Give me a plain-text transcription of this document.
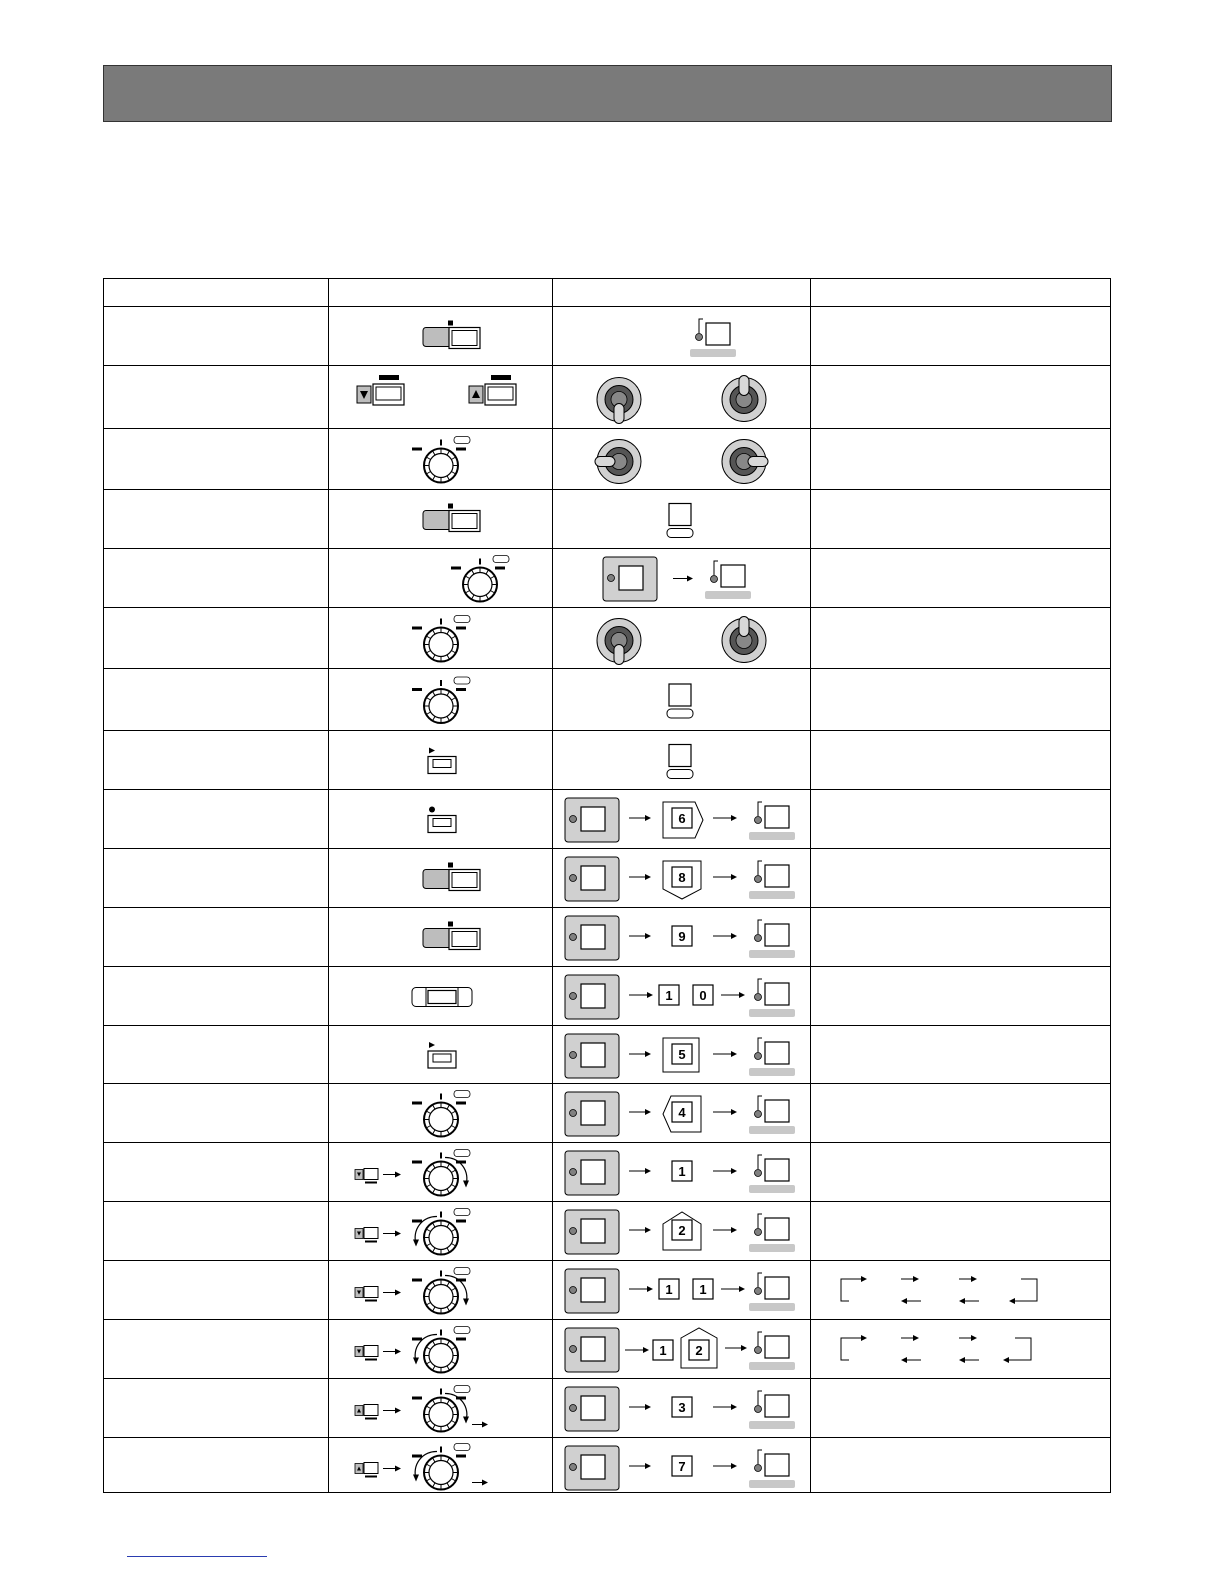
6
8
9
1 0
5
4
1
2
1 1
1 2
3
7
